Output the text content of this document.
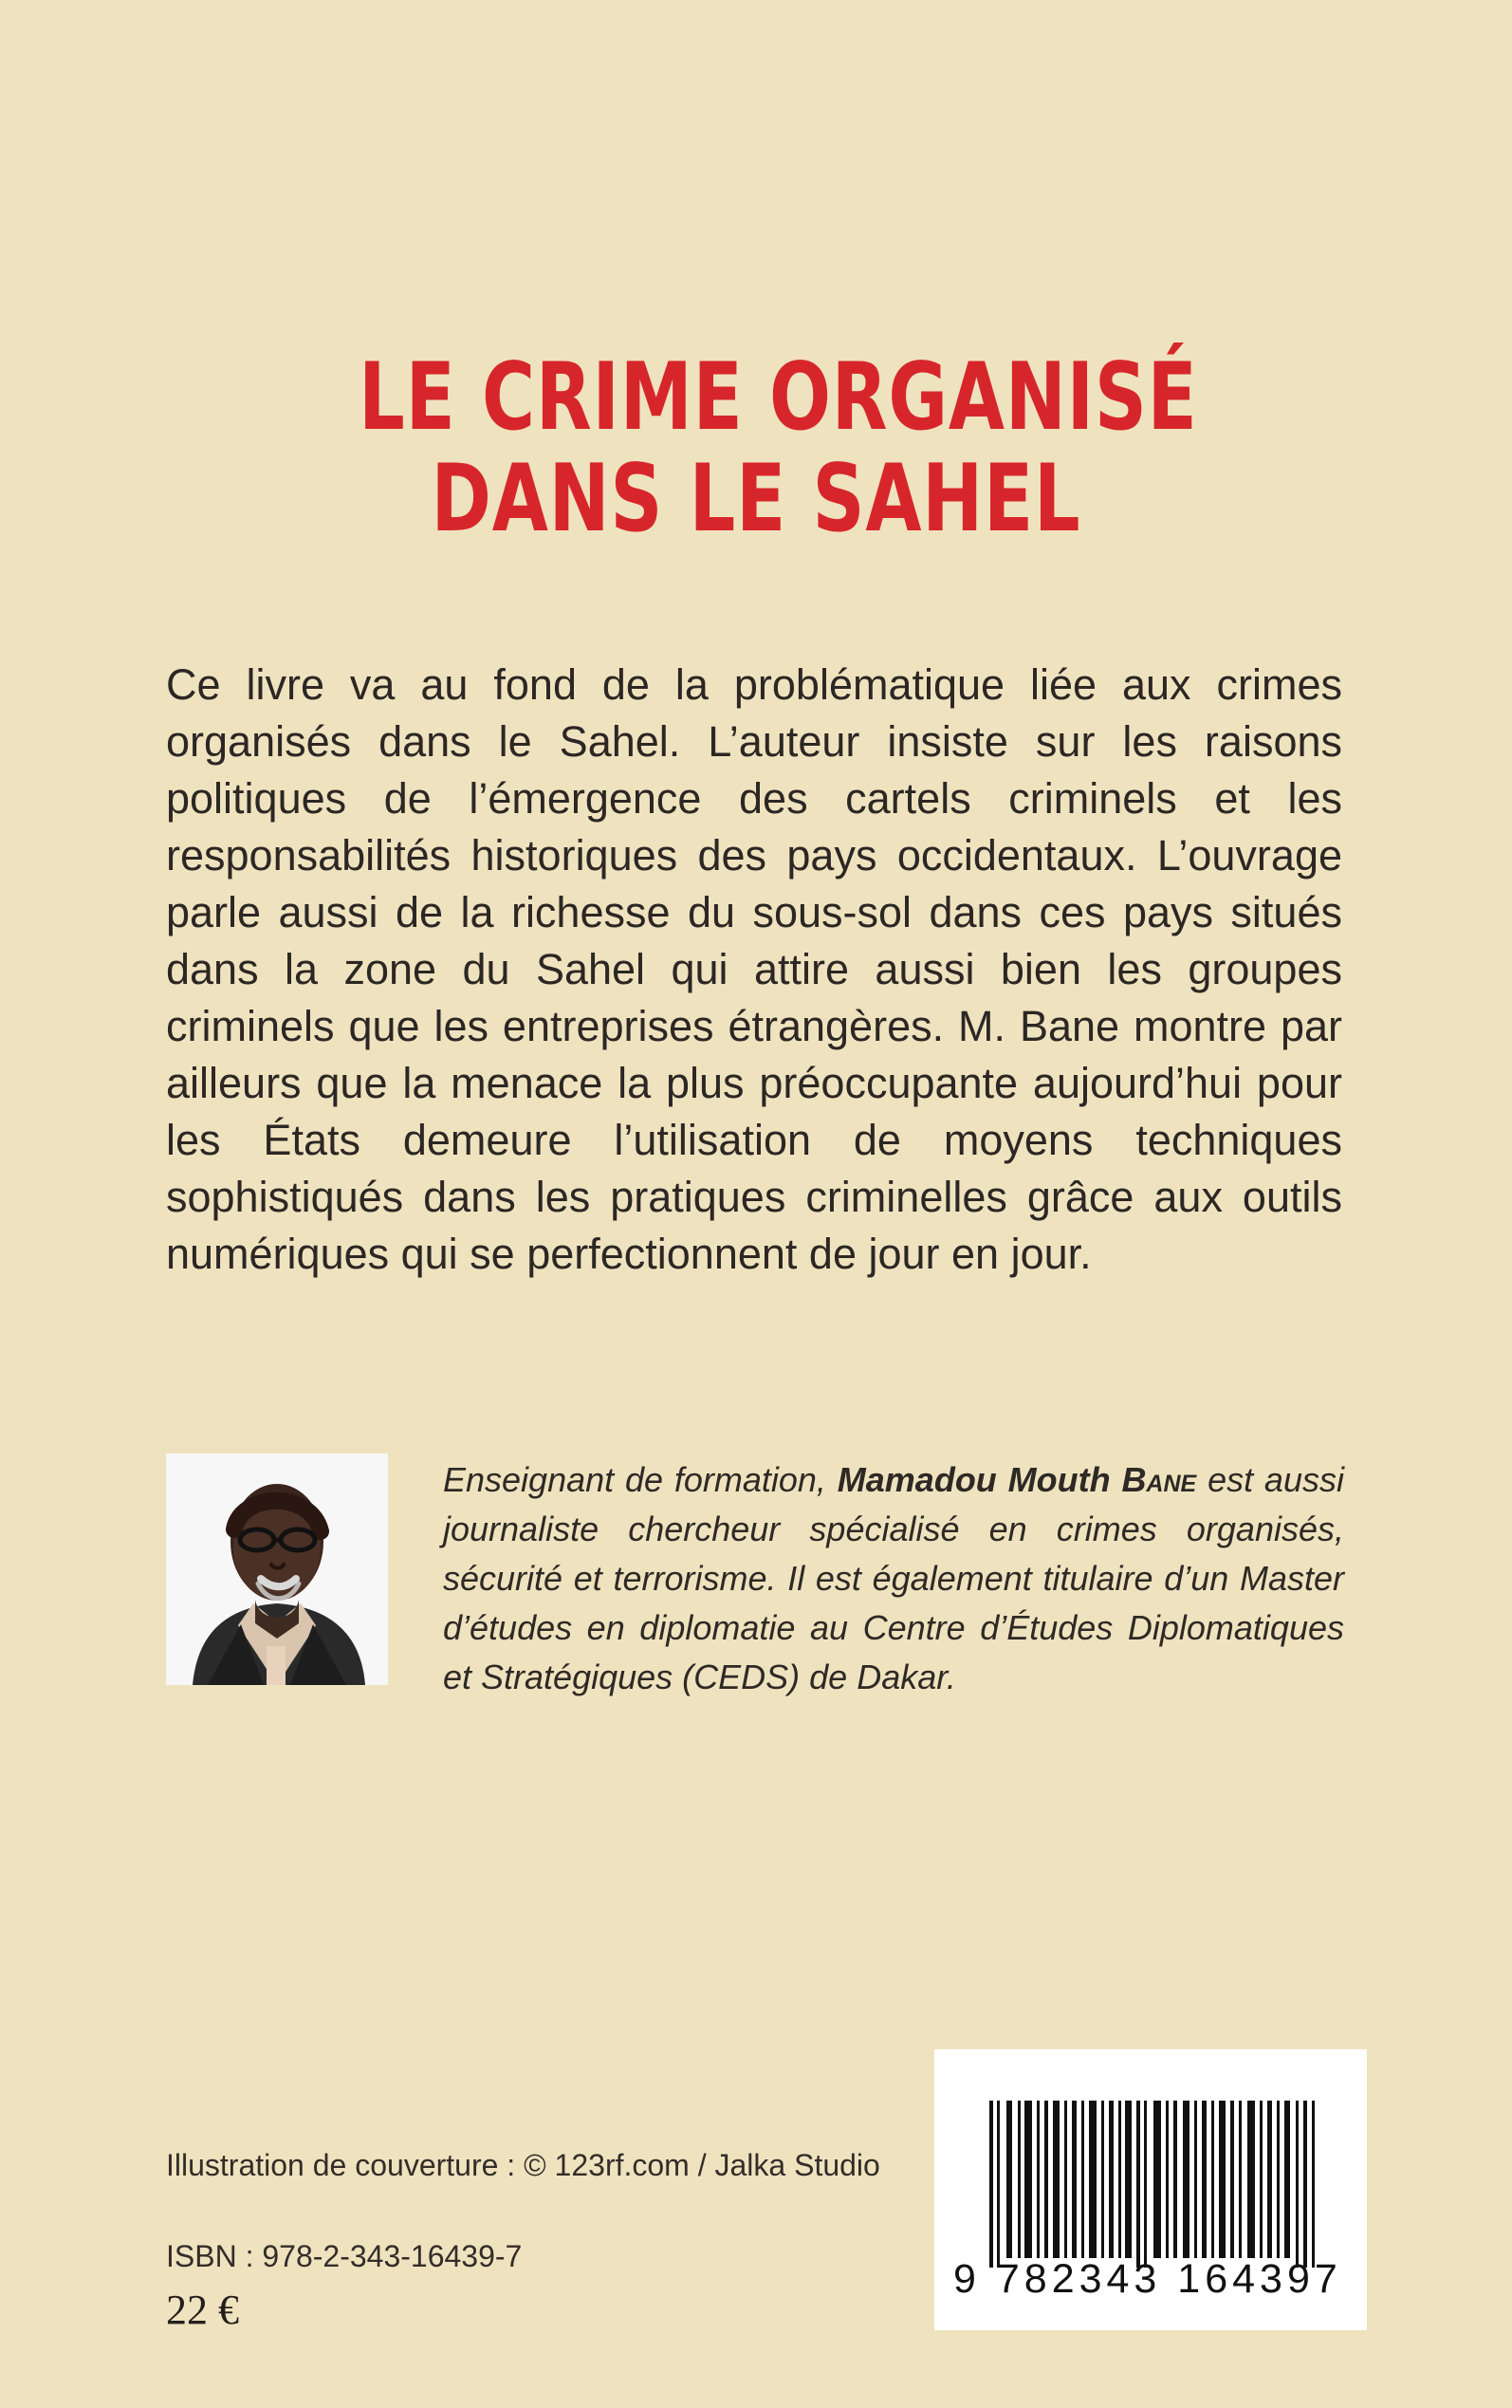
LE CRIME ORGANISÉ
DANS LE SAHEL
Ce livre va au fond de la problématique liée aux crimes organisés dans le Sahel. L’auteur insiste sur les raisons politiques de l’émergence des cartels criminels et les responsabilités historiques des pays occidentaux. L’ouvrage parle aussi de la richesse du sous-sol dans ces pays situés dans la zone du Sahel qui attire aussi bien les groupes criminels que les entreprises étrangères. M. Bane montre par ailleurs que la menace la plus préoccupante aujourd’hui pour les États demeure l’utilisation de moyens techniques sophistiqués dans les pratiques criminelles grâce aux outils numériques qui se perfectionnent de jour en jour.
Enseignant de formation, Mamadou Mouth Bane est aussi journaliste chercheur spécialisé en crimes organisés, sécurité et terrorisme. Il est également titulaire d’un Master d’études en diplomatie au Centre d’Études Diplomatiques et Stratégiques (CEDS) de Dakar.
Illustration de couverture : © 123rf.com / Jalka Studio
ISBN : 978-2-343-16439-7
22 €
9 782343 164397
